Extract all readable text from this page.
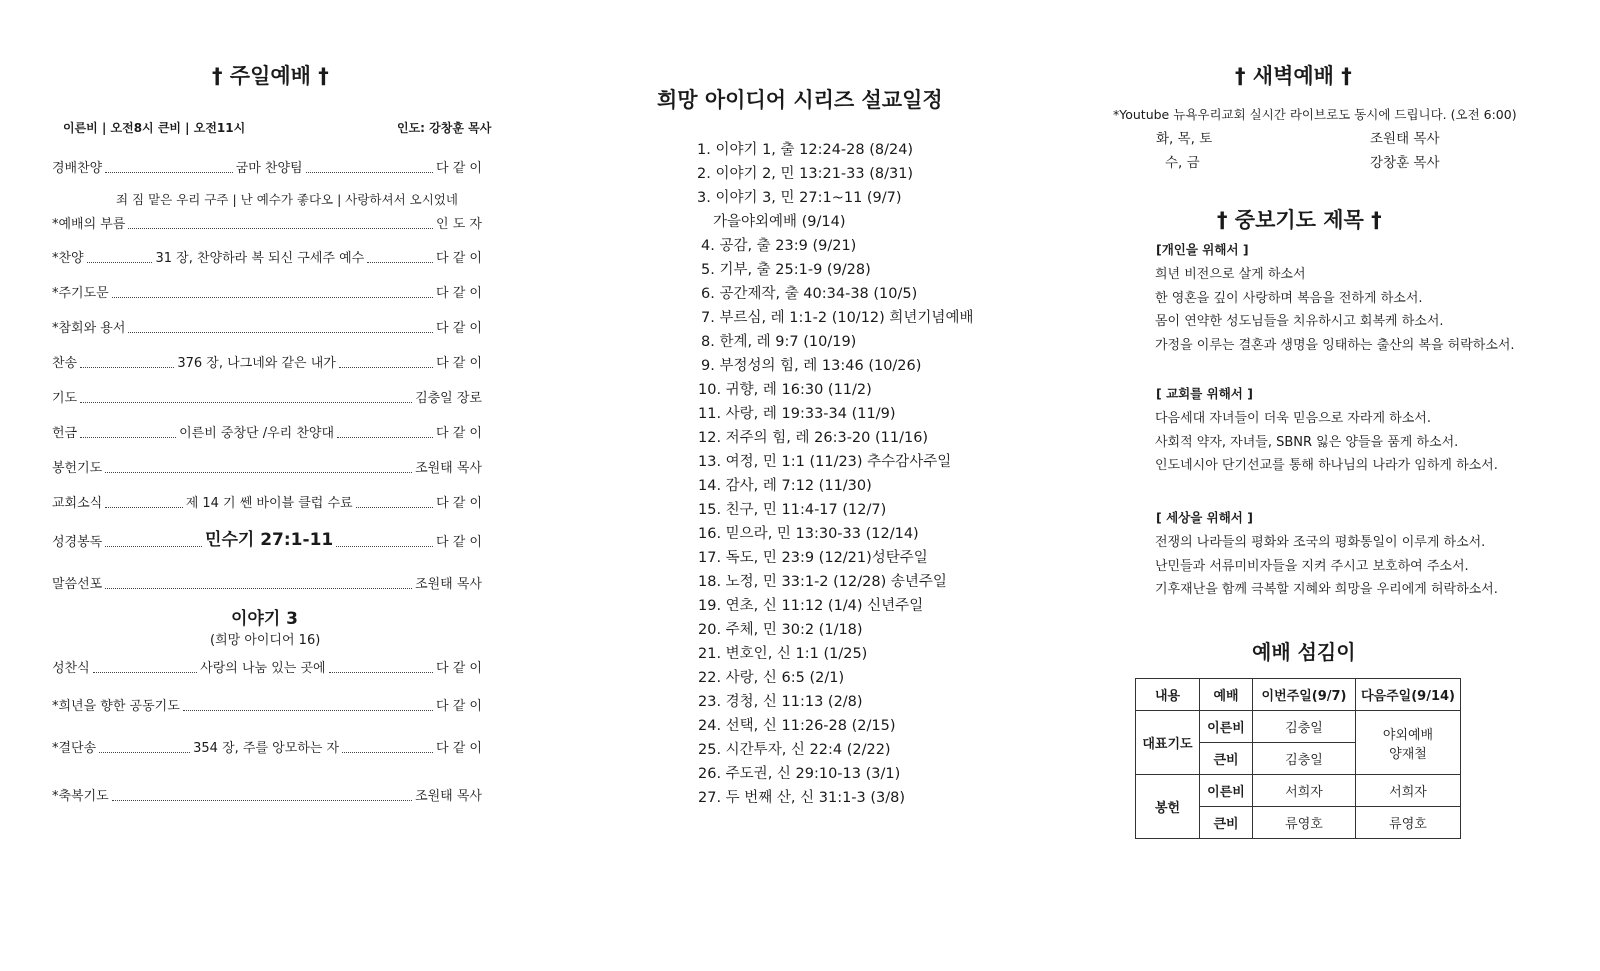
† 주일예배 †
이른비 | 오전8시 큰비 | 오전11시	인도: 강창훈 목사
경배찬양	굼마 찬양팀	다 같 이
*예배의 부름	인 도 자
*찬양	31 장, 찬양하라 복 되신 구세주 예수	다 같 이
*주기도문	다 같 이
*참회와 용서	다 같 이
찬송	376 장, 나그네와 같은 내가	다 같 이
기도	김충일 장로
헌금	이른비 중창단 /우리 찬양대	다 같 이
봉헌기도	조원태 목사
교회소식	제 14 기 쎈 바이블 클럽 수료	다 같 이
성경봉독	민수기 27:1-11	다 같 이
말씀선포	조원태 목사
성찬식	사랑의 나눔 있는 곳에	다 같 이
*희년을 향한 공동기도	다 같 이
*결단송	354 장, 주를 앙모하는 자	다 같 이
*축복기도	조원태 목사
죄 짐 맡은 우리 구주 | 난 예수가 좋다오 | 사랑하셔서 오시었네
이야기 3
(희망 아이디어 16)
희망 아이디어 시리즈 설교일정
1. 이야기 1, 출 12:24-28 (8/24)
2. 이야기 2, 민 13:21-33 (8/31)
3. 이야기 3, 민 27:1~11 (9/7)
가을야외예배 (9/14)
4. 공감, 출 23:9 (9/21)
5. 기부, 출 25:1-9 (9/28)
6. 공간제작, 출 40:34-38 (10/5)
7. 부르심, 레 1:1-2 (10/12) 희년기념예배
8. 한계, 레 9:7 (10/19)
9. 부정성의 힘, 레 13:46 (10/26)
10. 귀향, 레 16:30 (11/2)
11. 사랑, 레 19:33-34 (11/9)
12. 저주의 힘, 레 26:3-20 (11/16)
13. 여정, 민 1:1 (11/23) 추수감사주일
14. 감사, 레 7:12 (11/30)
15. 친구, 민 11:4-17 (12/7)
16. 믿으라, 민 13:30-33 (12/14)
17. 독도, 민 23:9 (12/21)성탄주일
18. 노정, 민 33:1-2 (12/28) 송년주일
19. 연초, 신 11:12 (1/4) 신년주일
20. 주체, 민 30:2 (1/18)
21. 변호인, 신 1:1 (1/25)
22. 사랑, 신 6:5 (2/1)
23. 경청, 신 11:13 (2/8)
24. 선택, 신 11:26-28 (2/15)
25. 시간투자, 신 22:4 (2/22)
26. 주도권, 신 29:10-13 (3/1)
27. 두 번째 산, 신 31:1-3 (3/8)
† 새벽예배 †
*Youtube 뉴욕우리교회 실시간 라이브로도 동시에 드립니다. (오전 6:00)
화, 목, 토	조원태 목사
수, 금	강창훈 목사
† 중보기도 제목 †
[개인을 위해서 ]
희년 비전으로 살게 하소서
한 영혼을 깊이 사랑하며 복음을 전하게 하소서.
몸이 연약한 성도님들을 치유하시고 회복케 하소서.
가정을 이루는 결혼과 생명을 잉태하는 출산의 복을 허락하소서.
[ 교회를 위해서 ]
다음세대 자녀들이 더욱 믿음으로 자라게 하소서.
사회적 약자, 자녀들, SBNR 잃은 양들을 품게 하소서.
인도네시아 단기선교를 통해 하나님의 나라가 임하게 하소서.
[ 세상을 위해서 ]
전쟁의 나라들의 평화와 조국의 평화통일이 이루게 하소서.
난민들과 서류미비자들을 지켜 주시고 보호하여 주소서.
기후재난을 함께 극복할 지혜와 희망을 우리에게 허락하소서.
예배 섬김이
내용	예배	이번주일(9/7)	다음주일(9/14)
대표기도	이른비	김충일	야외예배
양재철
	큰비	김충일	
봉헌	이른비	서희자	서희자
	큰비	류영호	류영호
